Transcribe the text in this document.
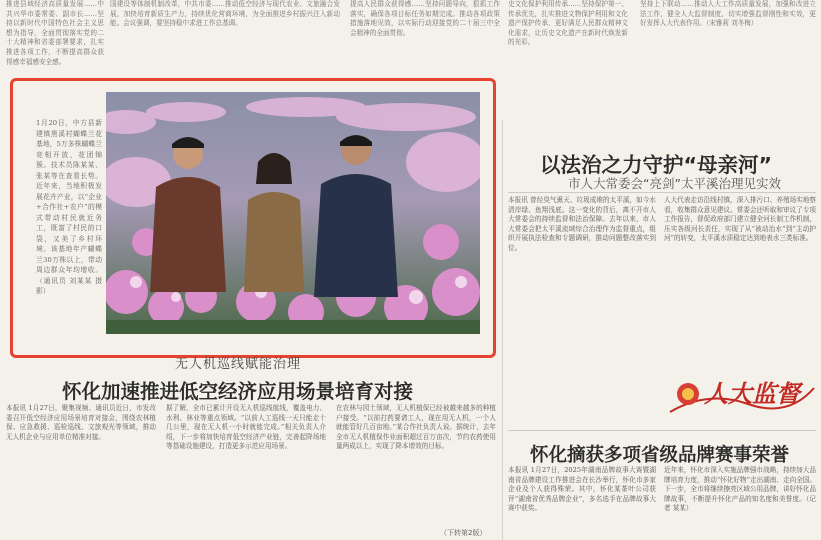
推进县域经济高质量发展……中共兴华市委常委、副市长……坚持以新时代中国特色社会主义思想为指导，全面贯彻落实党的二十大精神和省委部署要求，扎实推进各项工作，不断提高群众获得感幸福感安全感。
国建设等体制机制改革，中共市委……推动低空经济与现代农业、文旅融合发展，加快培育新质生产力，持续优化营商环境，为全面推进乡村振兴注入新动能。会议强调，要坚持稳中求进工作总基调。
提高人民群众获得感……坚持问题导向，狠抓工作落实，确保各项目标任务如期完成。推动各项政策措施落地见效，以实际行动迎接党的二十届三中全会精神的全面贯彻。
史文化保护利用传承……坚持保护第一、传承优先，扎实推进文物保护利用和文化遗产保护传承，更好满足人民群众精神文化需求，让历史文化遗产在新时代焕发新的光彩。
坚持上下联动……推动人大工作高质量发展，加强和改进立法工作，健全人大监督制度，切实增强监督刚性和实效，更好发挥人大代表作用。（宋雅莉 刘冬梅）
1月20日，中方县新建镇黑溪村蝴蝶兰花基地，5万多株蝴蝶兰竞相开放，花团锦簇。技术员陈某某、张某等在查看长势。近年来，当地积极发展花卉产业，以“企业+合作社+农户”的模式带动村民就近务工，既富了村民的口袋，又美了乡村环境。该基地年产蝴蝶兰30万株以上，带动周边群众年均增收。（通讯员 刘某某 摄影）
无人机巡线赋能治理
怀化加速推进低空经济应用场景培育对接
本报讯 1月27日，聚集视频、通讯员近日，市发改委召开低空经济应用场景培育对接会，围绕农林植保、应急救援、巡检巡线、文旅观光等领域，推动无人机企业与应用单位精准对接。
据了解，全市已累计开设无人机巡线航线，覆盖电力、水利、林业等重点领域。“以前人工巡线一天只能走十几公里，现在无人机一小时就能完成。”相关负责人介绍，下一步将加快培育低空经济产业链，完善起降场地等基础设施建设，打造更多示范应用场景。
在农林与园土领域，无人机植保已经被越来越多的种植户接受。“以前打药要请工人，现在用无人机，一个人就能管好几百亩地。”某合作社负责人说。据统计，去年全市无人机植保作业面积超过百万亩次，节约农药使用量两成以上，实现了降本增效的目标。
（下转第2版）
以法治之力守护“母亲河”
市人大常委会“亮剑”太平溪治理见实效
本报讯 曾经臭气熏天、垃圾成堆的太平溪，如今水清岸绿、鱼翔浅底。这一变化的背后，离不开市人大常委会的持续监督和法治保障。去年以来，市人大常委会把太平溪流域综合治理作为监督重点，组织开展执法检查和专题调研，推动问题整改落实到位。
人大代表走访沿线村镇，深入排污口、养殖场实地察看，收集群众意见建议。常委会还听取和审议了专项工作报告，督促政府部门建立健全河长制工作机制，压实各级河长责任，实现了从“被动治水”到“主动护河”的转变，太平溪水质稳定达到地表水三类标准。
人大监督
怀化摘获多项省级品牌赛事荣誉
本报讯 1月27日，2025年湖南品牌故事大赛暨湖南省品牌建设工作推进会在长沙举行，怀化市多家企业及个人获得殊荣。其中，怀化某茶叶公司获评“湖南省优秀品牌企业”，多名选手在品牌故事大赛中获奖。
近年来，怀化市深入实施品牌强市战略，持续加大品牌培育力度，推动“怀化好物”走出湖南、走向全国。下一步，全市将继续擦亮区域公用品牌，讲好怀化品牌故事，不断提升怀化产品的知名度和美誉度。（记者 某某）
